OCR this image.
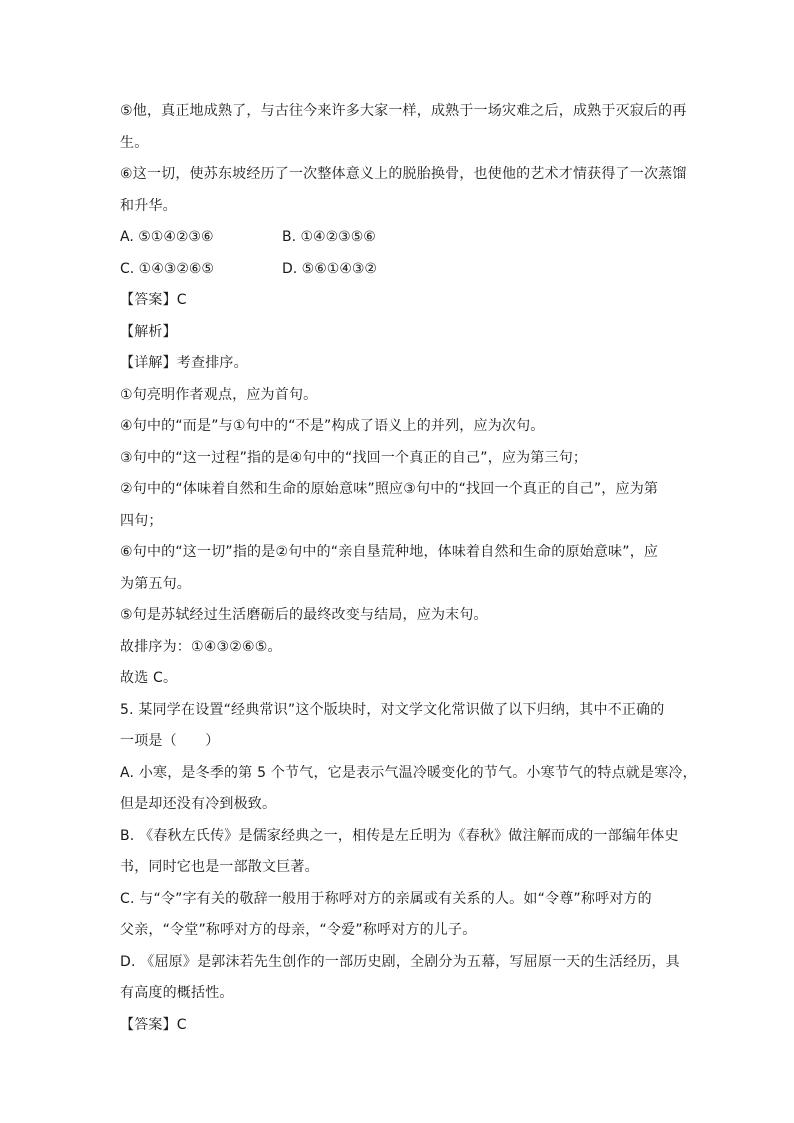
⑤他，真正地成熟了，与古往今来许多大家一样，成熟于一场灾难之后，成熟于灭寂后的再
生。
⑥这一切，使苏东坡经历了一次整体意义上的脱胎换骨，也使他的艺术才情获得了一次蒸馏
和升华。
A. ⑤①④②③⑥	B. ①④②③⑤⑥
C. ①④③②⑥⑤	D. ⑤⑥①④③②
【答案】C
【解析】
【详解】考查排序。
①句亮明作者观点，应为首句。
④句中的“而是”与①句中的“不是”构成了语义上的并列，应为次句。
③句中的“这一过程”指的是④句中的“找回一个真正的自己”，应为第三句；
②句中的“体味着自然和生命的原始意味”照应③句中的“找回一个真正的自己”，应为第
四句；
⑥句中的“这一切”指的是②句中的“亲自垦荒种地，体味着自然和生命的原始意味”，应
为第五句。
⑤句是苏轼经过生活磨砺后的最终改变与结局，应为末句。
故排序为：①④③②⑥⑤。
故选 C。
5. 某同学在设置“经典常识”这个版块时，对文学文化常识做了以下归纳，其中不正确的
一项是（　　）
A. 小寒，是冬季的第 5 个节气，它是表示气温冷暖变化的节气。小寒节气的特点就是寒冷，
但是却还没有冷到极致。
B. 《春秋左氏传》是儒家经典之一，相传是左丘明为《春秋》做注解而成的一部编年体史
书，同时它也是一部散文巨著。
C. 与“令”字有关的敬辞一般用于称呼对方的亲属或有关系的人。如“令尊”称呼对方的
父亲，“令堂”称呼对方的母亲，“令爱”称呼对方的儿子。
D. 《屈原》是郭沫若先生创作的一部历史剧，全剧分为五幕，写屈原一天的生活经历，具
有高度的概括性。
【答案】C
